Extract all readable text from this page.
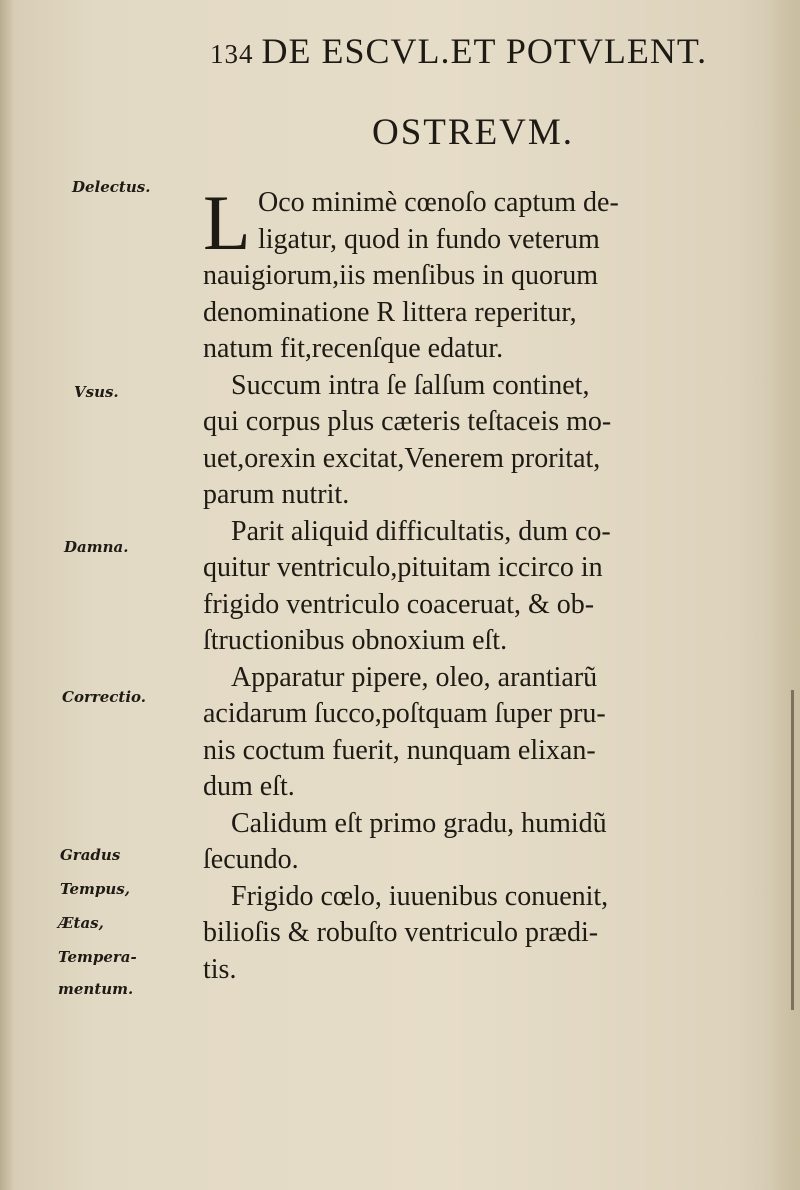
134 DE ESCVL.ET POTVLENT.
OSTREVM.
Delectus.
Vsus.
Damna.
Correctio.
Gradus
Tempus,
Ætas,
Tempera-
mentum.
L Oco minimè cœnoſo captum de-
ligatur, quod in fundo veterum
nauigiorum,iis menſibus in quorum
denominatione R littera reperitur,
natum fit,recenſque edatur.
Succum intra ſe ſalſum continet,
qui corpus plus cæteris teſtaceis mo-
uet,orexin excitat,Venerem proritat,
parum nutrit.
Parit aliquid difficultatis, dum co-
quitur ventriculo,pituitam iccirco in
frigido ventriculo coaceruat, & ob-
ſtructionibus obnoxium eſt.
Apparatur pipere, oleo, arantiarũ
acidarum ſucco,poſtquam ſuper pru-
nis coctum fuerit, nunquam elixan-
dum eſt.
Calidum eſt primo gradu, humidũ
ſecundo.
Frigido cœlo, iuuenibus conuenit,
bilioſis & robuſto ventriculo prædi-
tis.
